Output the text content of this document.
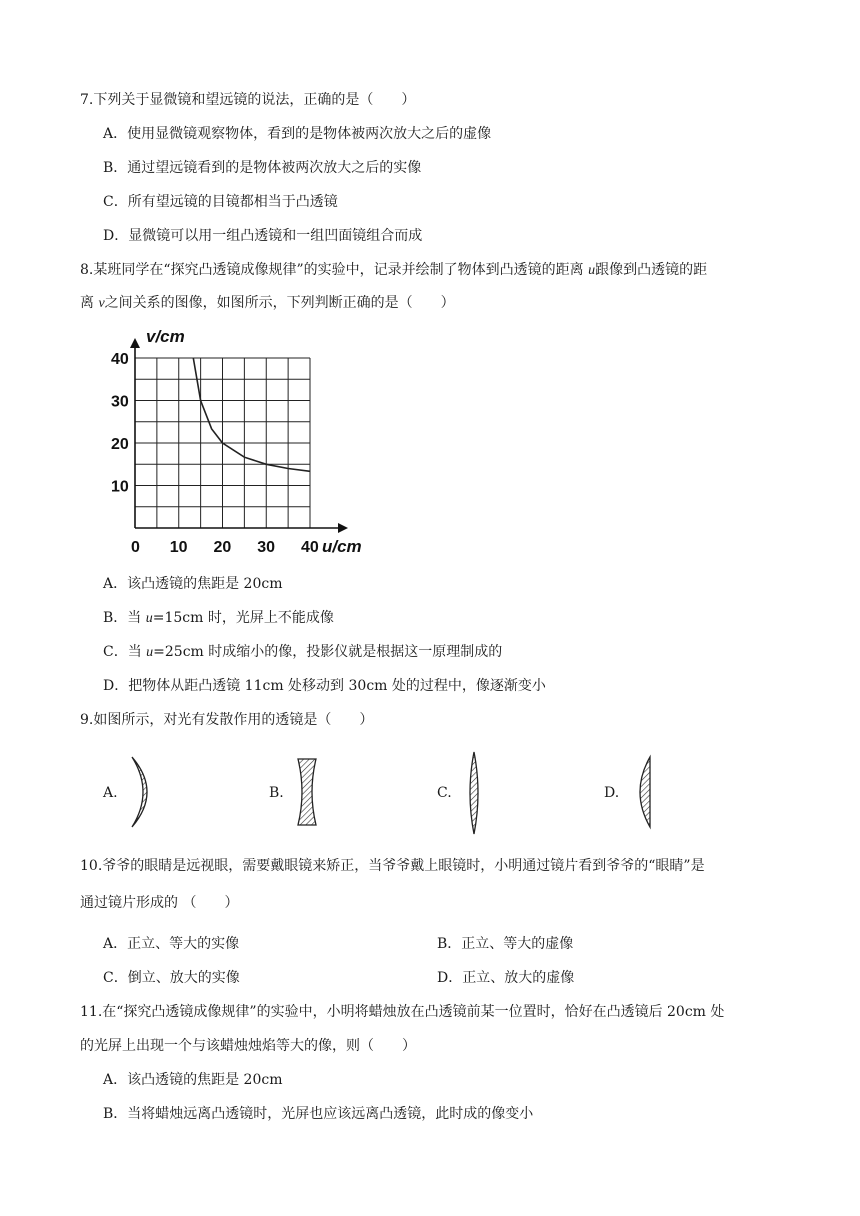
7.下列关于显微镜和望远镜的说法，正确的是（　　）
A．使用显微镜观察物体，看到的是物体被两次放大之后的虚像
B．通过望远镜看到的是物体被两次放大之后的实像
C．所有望远镜的目镜都相当于凸透镜
D．显微镜可以用一组凸透镜和一组凹面镜组合而成
8.某班同学在“探究凸透镜成像规律”的实验中，记录并绘制了物体到凸透镜的距离 u跟像到凸透镜的距
离 v之间关系的图像，如图所示，下列判断正确的是（　　）
0 10 20 30 40
10
20
30
40
v/cm
u/cm
A．该凸透镜的焦距是 20cm
B．当 u=15cm 时，光屏上不能成像
C．当 u=25cm 时成缩小的像，投影仪就是根据这一原理制成的
D．把物体从距凸透镜 11cm 处移动到 30cm 处的过程中，像逐渐变小
9.如图所示，对光有发散作用的透镜是（　　）
A.	B.	C.	D.
10.爷爷的眼睛是远视眼，需要戴眼镜来矫正，当爷爷戴上眼镜时，小明通过镜片看到爷爷的“眼睛”是
通过镜片形成的 （　　）
A．正立、等大的实像	B．正立、等大的虚像
C．倒立、放大的实像	D．正立、放大的虚像
11.在“探究凸透镜成像规律”的实验中，小明将蜡烛放在凸透镜前某一位置时，恰好在凸透镜后 20cm 处
的光屏上出现一个与该蜡烛烛焰等大的像，则（　　）
A．该凸透镜的焦距是 20cm
B．当将蜡烛远离凸透镜时，光屏也应该远离凸透镜，此时成的像变小
